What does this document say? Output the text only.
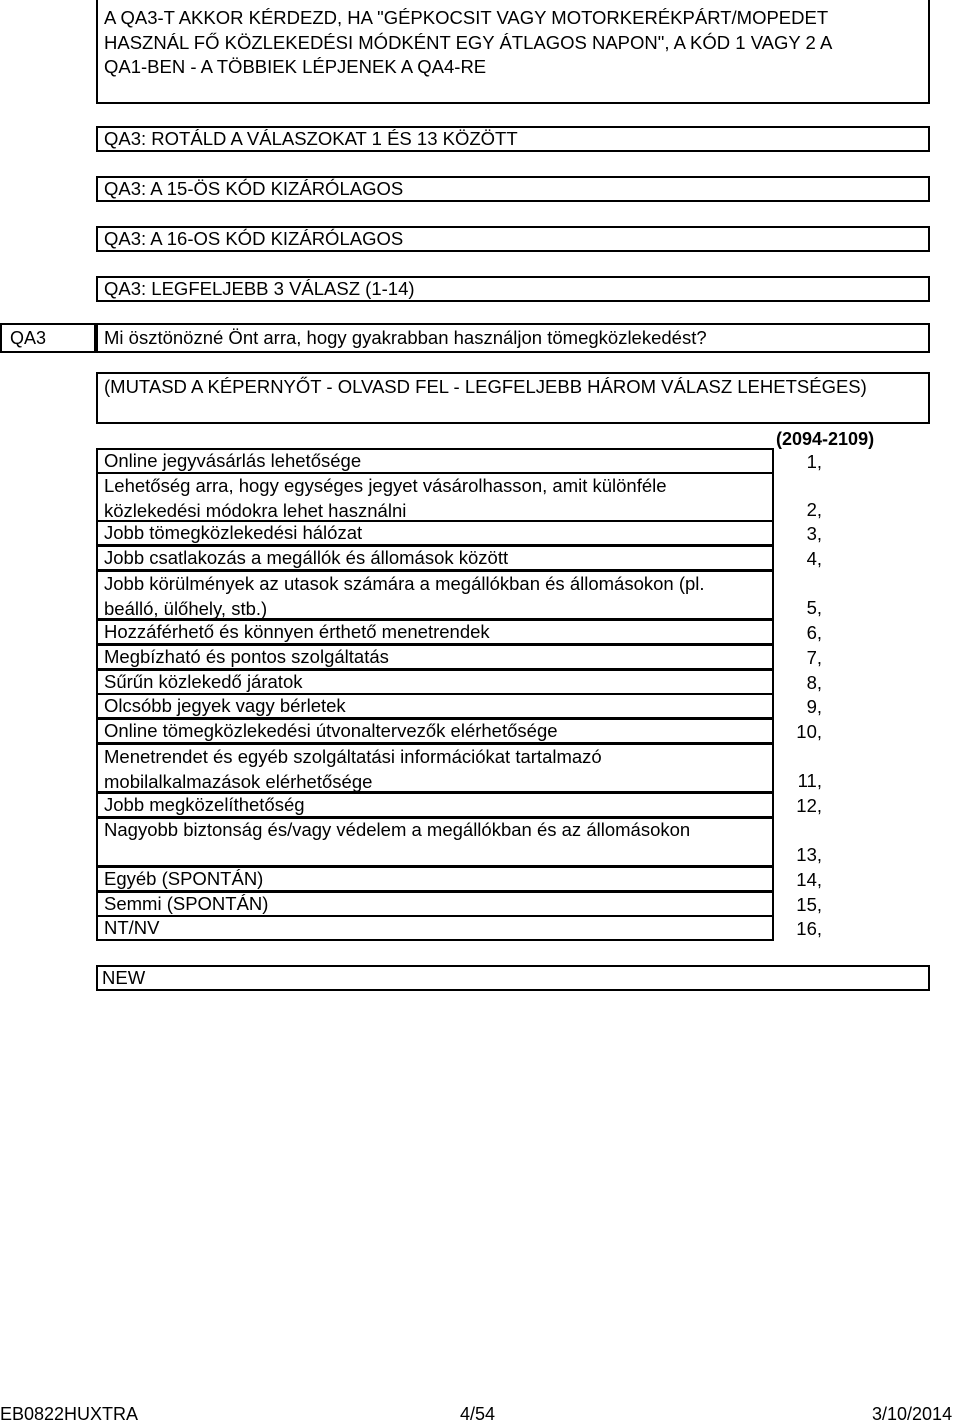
A QA3-T AKKOR KÉRDEZD, HA "GÉPKOCSIT VAGY MOTORKERÉKPÁRT/MOPEDET
HASZNÁL FŐ KÖZLEKEDÉSI MÓDKÉNT EGY ÁTLAGOS NAPON", A KÓD 1 VAGY 2 A
QA1-BEN - A TÖBBIEK LÉPJENEK A QA4-RE
QA3: ROTÁLD A VÁLASZOKAT 1 ÉS 13 KÖZÖTT
QA3: A 15-ÖS KÓD KIZÁRÓLAGOS
QA3: A 16-OS KÓD KIZÁRÓLAGOS
QA3: LEGFELJEBB 3 VÁLASZ (1-14)
QA3	Mi ösztönözné Önt arra, hogy gyakrabban használjon tömegközlekedést?
(MUTASD A KÉPERNYŐT - OLVASD FEL - LEGFELJEBB HÁROM VÁLASZ LEHETSÉGES)
(2094-2109)
Online jegyvásárlás lehetősége	1,
Lehetőség arra, hogy egységes jegyet vásárolhasson, amit különféle
közlekedési módokra lehet használni	2,
Jobb tömegközlekedési hálózat	3,
Jobb csatlakozás a megállók és állomások között	4,
Jobb körülmények az utasok számára a megállókban és állomásokon (pl.
beálló, ülőhely, stb.)	5,
Hozzáférhető és könnyen érthető menetrendek	6,
Megbízható és pontos szolgáltatás	7,
Sűrűn közlekedő járatok	8,
Olcsóbb jegyek vagy bérletek	9,
Online tömegközlekedési útvonaltervezők elérhetősége	10,
Menetrendet és egyéb szolgáltatási információkat tartalmazó
mobilalkalmazások elérhetősége	11,
Jobb megközelíthetőség	12,
Nagyobb biztonság és/vagy védelem a megállókban és az állomásokon
13,
Egyéb (SPONTÁN)	14,
Semmi (SPONTÁN)	15,
NT/NV	16,
NEW
EB0822HUXTRA	4/54	3/10/2014
